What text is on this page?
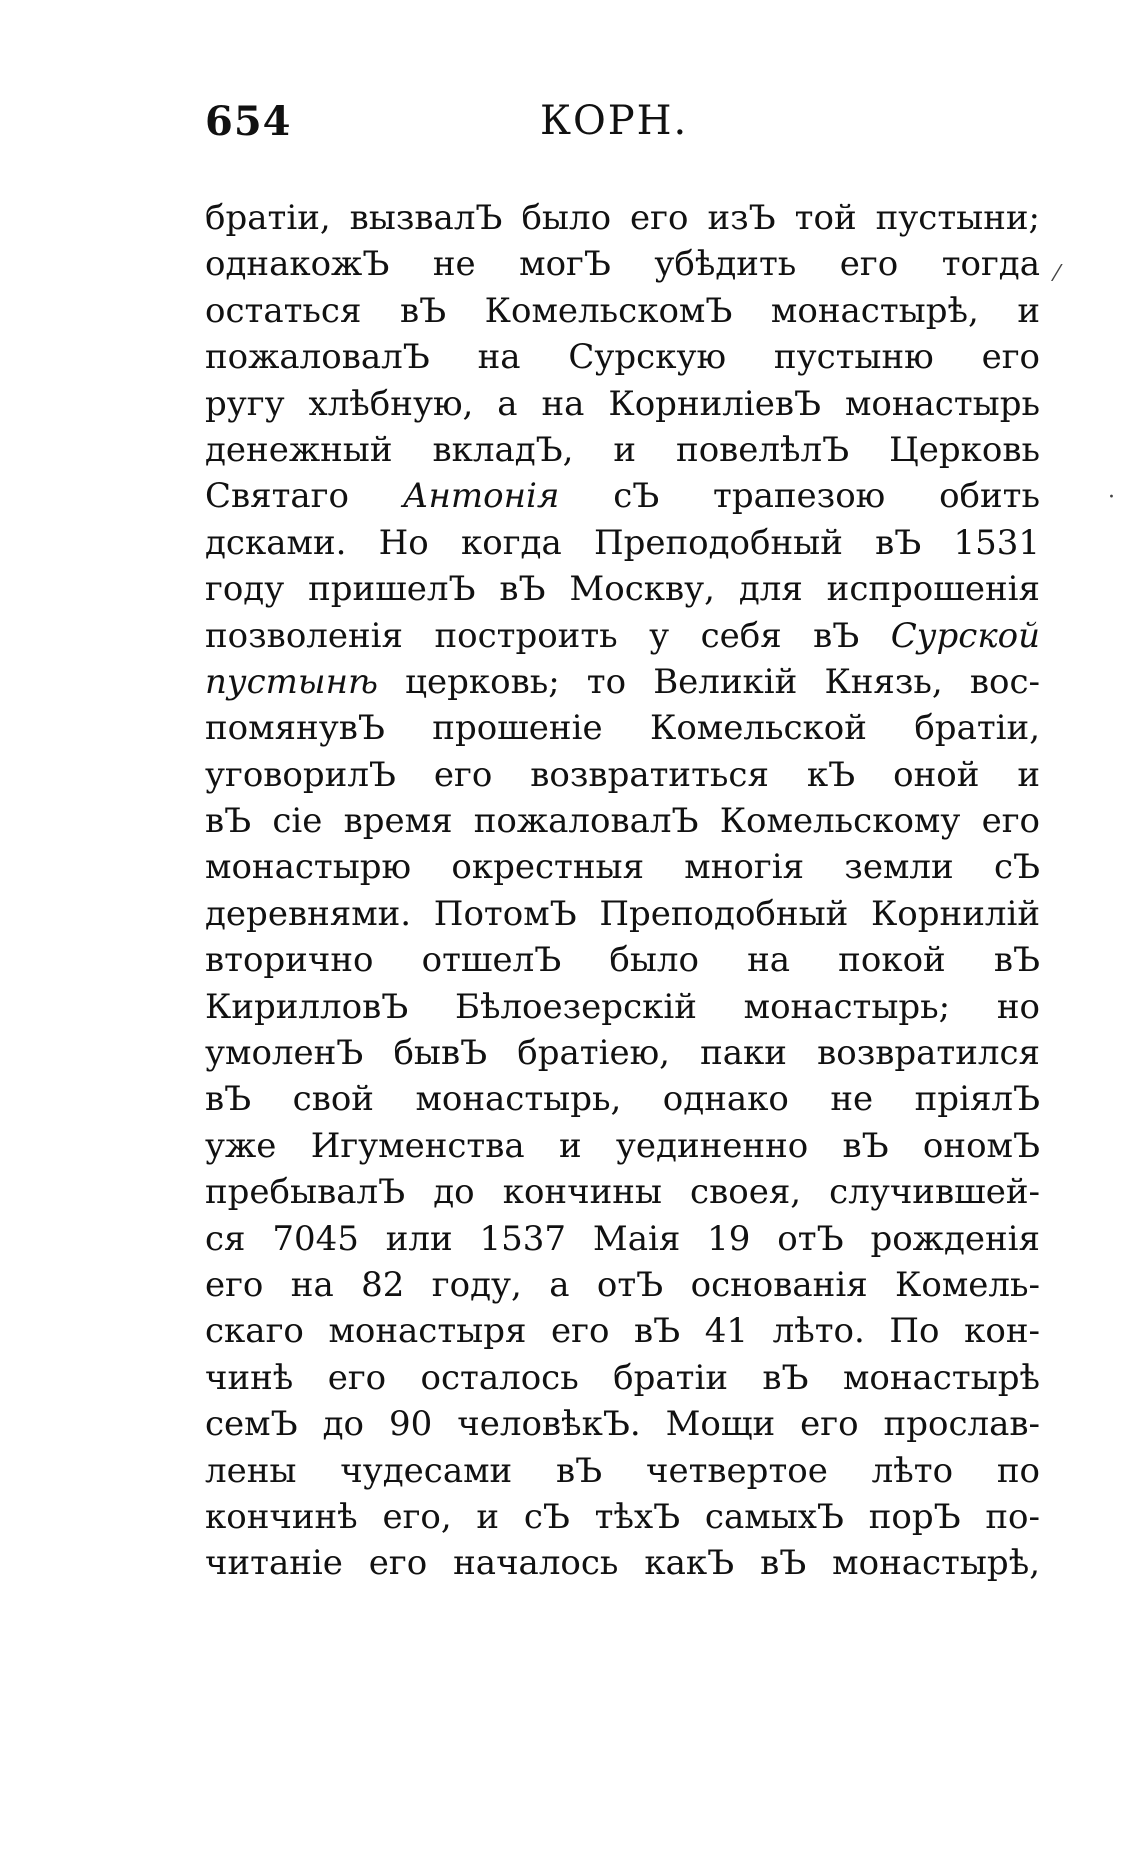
654	КОРН.
братіи, вызвалЪ было его изЪ той пустыни;
однакожЪ не могЪ убѣдить его тогда
остаться вЪ КомельскомЪ монастырѣ, и
пожаловалЪ на Сурскую пустыню его
ругу хлѣбную, а на КорниліевЪ монастырь
денежный вкладЪ, и повелѣлЪ Церковь
Святаго Антонія сЪ трапезою обить
дсками. Но когда Преподобный вЪ 1531
году пришелЪ вЪ Москву, для испрошенія
позволенія построить у себя вЪ Сурской
пустынѣ церковь; то Великій Князь, вос-
помянувЪ прошеніе Комельской братіи,
уговорилЪ его возвратиться кЪ оной и
вЪ сіе время пожаловалЪ Комельскому его
монастырю окрестныя многія земли сЪ
деревнями. ПотомЪ Преподобный Корнилій
вторично отшелЪ было на покой вЪ
КирилловЪ Бѣлоезерскій монастырь; но
умоленЪ бывЪ братіею, паки возвратился
вЪ свой монастырь, однако не пріялЪ
уже Игуменства и уединенно вЪ ономЪ
пребывалЪ до кончины своея, случившей-
ся 7045 или 1537 Маія 19 отЪ рожденія
его на 82 году, а отЪ основанія Комель-
скаго монастыря его вЪ 41 лѣто. По кон-
чинѣ его осталось братіи вЪ монастырѣ
семЪ до 90 человѣкЪ. Мощи его прослав-
лены чудесами вЪ четвертое лѣто по
кончинѣ его, и сЪ тѣхЪ самыхЪ порЪ по-
читаніе его началось какЪ вЪ монастырѣ,
⁄
·
